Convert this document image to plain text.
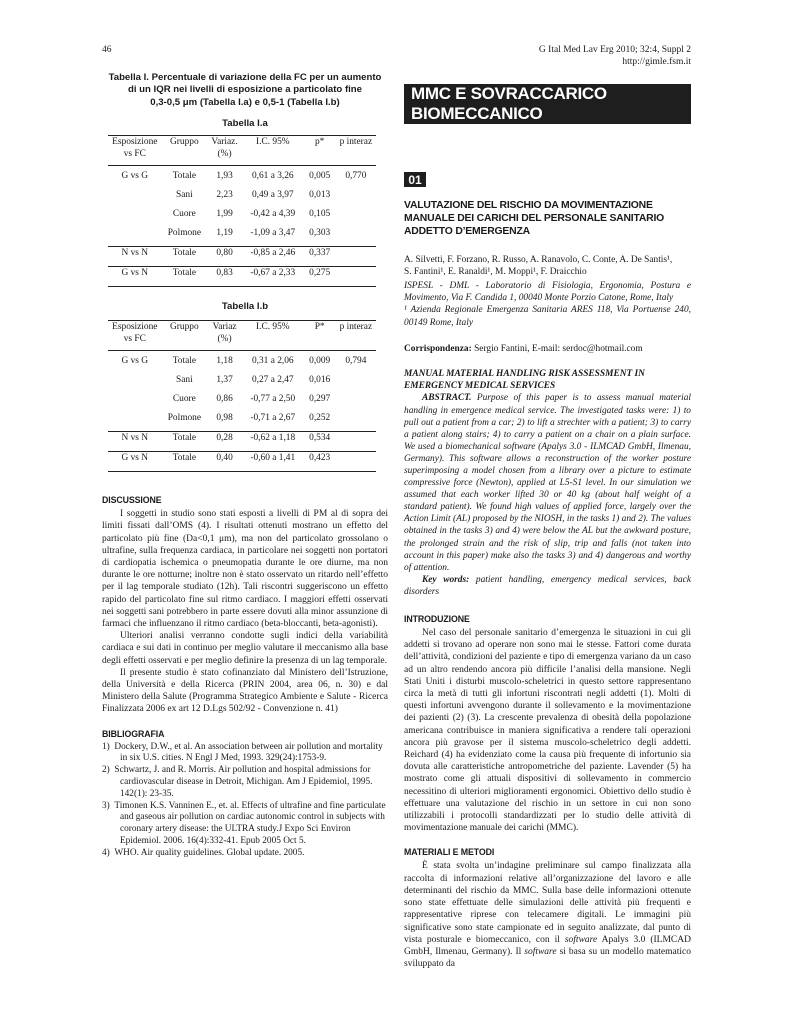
46	G Ital Med Lav Erg 2010; 32:4, Suppl 2
http://gimle.fsm.it
Tabella I. Percentuale di variazione della FC per un aumento
di un IQR nei livelli di esposizione a particolato fine
0,3-0,5 μm (Tabella I.a) e 0,5-1 (Tabella I.b)
Tabella I.a
Esposizione vs FC	Gruppo	Variaz. (%)	I.C. 95%	p*	p interaz
G vs G	Totale	1,93	0,61 a 3,26	0,005	0,770
	Sani	2,23	0,49 a 3,97	0,013	
	Cuore	1,99	-0,42 a 4,39	0,105	
	Polmone	1,19	-1,09 a 3,47	0,303	
N vs N	Totale	0,80	-0,85 a 2,46	0,337	
G vs N	Totale	0,83	-0,67 a 2,33	0,275	
Tabella I.b
Esposizione vs FC	Gruppo	Variaz (%)	I.C. 95%	P*	p interaz
G vs G	Totale	1,18	0,31 a 2,06	0,009	0,794
	Sani	1,37	0,27 a 2,47	0,016	
	Cuore	0,86	-0,77 a 2,50	0,297	
	Polmone	0,98	-0,71 a 2,67	0,252	
N vs N	Totale	0,28	-0,62 a 1,18	0,534	
G vs N	Totale	0,40	-0,60 a 1,41	0,423	
DISCUSSIONE

I soggetti in studio sono stati esposti a livelli di PM al di sopra dei limiti fissati dall’OMS (4). I risultati ottenuti mostrano un effetto del particolato più fine (Da<0,1 μm), ma non del particolato grossolano o ultrafine, sulla frequenza cardiaca, in particolare nei soggetti non portatori di cardiopatia ischemica o pneumopatia durante le ore diurne, ma non durante le ore notturne; inoltre non è stato osservato un ritardo nell’effetto per il lag temporale studiato (12h). Tali riscontri suggeriscono un effetto rapido del particolato fine sul ritmo cardiaco. I maggiori effetti osservati nei soggetti sani potrebbero in parte essere dovuti alla minor assunzione di farmaci che influenzano il ritmo cardiaco (beta-bloccanti, beta-agonisti).

Ulteriori analisi verranno condotte sugli indici della variabilità cardiaca e sui dati in continuo per meglio valutare il meccanismo alla base degli effetti osservati e per meglio definire la presenza di un lag temporale.

Il presente studio è stato cofinanziato dal Ministero dell’Istruzione, della Università e della Ricerca (PRIN 2004, area 06, n. 30) e dal Ministero della Salute (Programma Strategico Ambiente e Salute - Ricerca Finalizzata 2006 ex art 12 D.Lgs 502/92 - Convenzione n. 41)

BIBLIOGRAFIA

1)  Dockery, D.W., et al. An association between air pollution and mortality in six U.S. cities. N Engl J Med, 1993. 329(24):1753-9.

2)  Schwartz, J. and R. Morris. Air pollution and hospital admissions for cardiovascular disease in Detroit, Michigan. Am J Epidemiol, 1995. 142(1): 23-35.

3)  Timonen K.S. Vanninen E., et. al. Effects of ultrafine and fine particulate and gaseous air pollution on cardiac autonomic control in subjects with coronary artery disease: the ULTRA study.J Expo Sci Environ Epidemiol. 2006. 16(4):332-41. Epub 2005 Oct 5.

4)  WHO. Air quality guidelines. Global update. 2005.

MMC E SOVRACCARICO BIOMECCANICO
01
VALUTAZIONE DEL RISCHIO DA MOVIMENTAZIONE MANUALE DEI CARICHI DEL PERSONALE SANITARIO ADDETTO D’EMERGENZA
A. Silvetti, F. Forzano, R. Russo, A. Ranavolo, C. Conte, A. De Santis¹,
S. Fantini¹, E. Ranaldi¹, M. Moppi¹, F. Draicchio
ISPESL - DML - Laboratorio di Fisiologia, Ergonomia, Postura e Movimento, Via F. Candida 1, 00040 Monte Porzio Catone, Rome, Italy
¹ Azienda Regionale Emergenza Sanitaria ARES 118, Via Portuense 240, 00149 Rome, Italy
Corrispondenza: Sergio Fantini, E-mail: serdoc@hotmail.com
MANUAL MATERIAL HANDLING RISK ASSESSMENT IN EMERGENCY MEDICAL SERVICES

ABSTRACT. Purpose of this paper is to assess manual material handling in emergence medical service. The investigated tasks were: 1) to pull out a patient from a car; 2) to lift a strechter with a patient; 3) to carry a patient along stairs; 4) to carry a patient on a chair on a plain surface. We used a biomechanical software (Apalys 3.0 - ILMCAD GmbH, Ilmenau, Germany). This software allows a reconstruction of the worker posture superimposing a model chosen from a library over a picture to estimate compressive force (Newton), applied at L5-S1 level. In our simulation we assumed that each worker lifted 30 or 40 kg (about half weight of a standard patient). We found high values of applied force, largely over the Action Limit (AL) proposed by the NIOSH, in the tasks 1) and 2). The values obtained in the tasks 3) and 4) were below the AL but the awkward posture, the prolonged strain and the risk of slip, trip and falls (not taken into account in this paper) make also the tasks 3) and 4) dangerous and worthy of attention.

Key words: patient handling, emergency medical services, back disorders

INTRODUZIONE

Nel caso del personale sanitario d’emergenza le situazioni in cui gli addetti si trovano ad operare non sono mai le stesse. Fattori come durata dell’attività, condizioni del paziente e tipo di emergenza variano da un caso ad un altro rendendo ancora più difficile l’analisi della mansione. Negli Stati Uniti i disturbi muscolo-scheletrici in questo settore rappresentano circa la metà di tutti gli infortuni riscontrati negli addetti (1). Molti di questi infortuni avvengono durante il sollevamento e la movimentazione dei pazienti (2) (3). La crescente prevalenza di obesità della popolazione americana contribuisce in maniera significativa a rendere tali operazioni ancora più gravose per il sistema muscolo-scheletrico degli addetti. Reichard (4) ha evidenziato come la causa più frequente di infortunio sia dovuta alle caratteristiche antropometriche del paziente. Lavender (5) ha mostrato come gli attuali dispositivi di sollevamento in commercio necessitino di ulteriori miglioramenti ergonomici. Obiettivo dello studio è effettuare una valutazione del rischio in un settore in cui non sono utilizzabili i protocolli standardizzati per lo studio delle attività di movimentazione manuale dei carichi (MMC).

MATERIALI E METODI

È stata svolta un’indagine preliminare sul campo finalizzata alla raccolta di informazioni relative all’organizzazione del lavoro e alle determinanti del rischio da MMC. Sulla base delle informazioni ottenute sono state effettuate delle simulazioni delle attività più frequenti e rappresentative riprese con telecamere digitali. Le immagini più significative sono state campionate ed in seguito analizzate, dal punto di vista posturale e biomeccanico, con il software Apalys 3.0 (ILMCAD GmbH, Ilmenau, Germany). Il software si basa su un modello matematico sviluppato da
